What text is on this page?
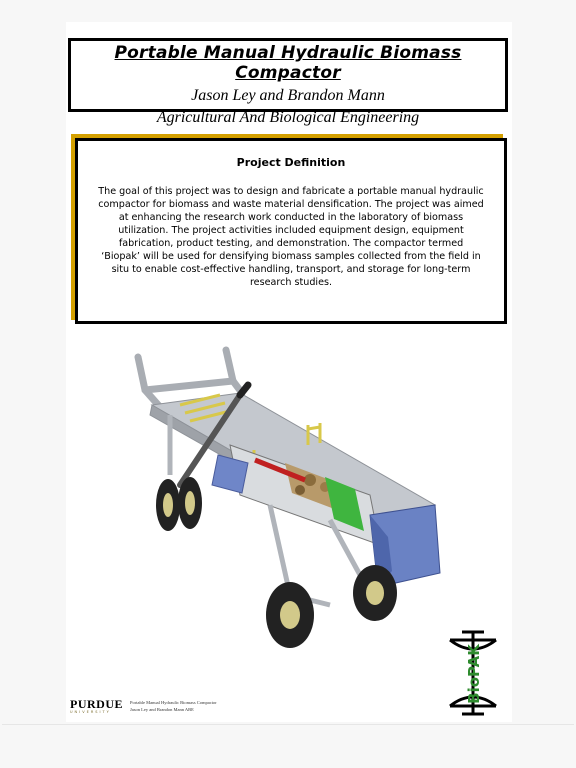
Portable Manual Hydraulic Biomass Compactor
Jason Ley and Brandon Mann
Agricultural And Biological Engineering
Project Definition
The goal of this project was to design and fabricate a portable manual hydraulic compactor for biomass and waste material densification. The project was aimed at enhancing the research work conducted in the laboratory of biomass utilization. The project activities included equipment design, equipment fabrication, product testing, and demonstration. The compactor termed ‘Biopak’ will be used for densifying biomass samples collected from the field in situ to enable cost-effective handling, transport, and storage for long-term research studies.
PURDUE
UNIVERSITY
Portable Manual Hydraulic Biomass Compactor
Jason Ley and Brandon Mann ABE
BioPAK
